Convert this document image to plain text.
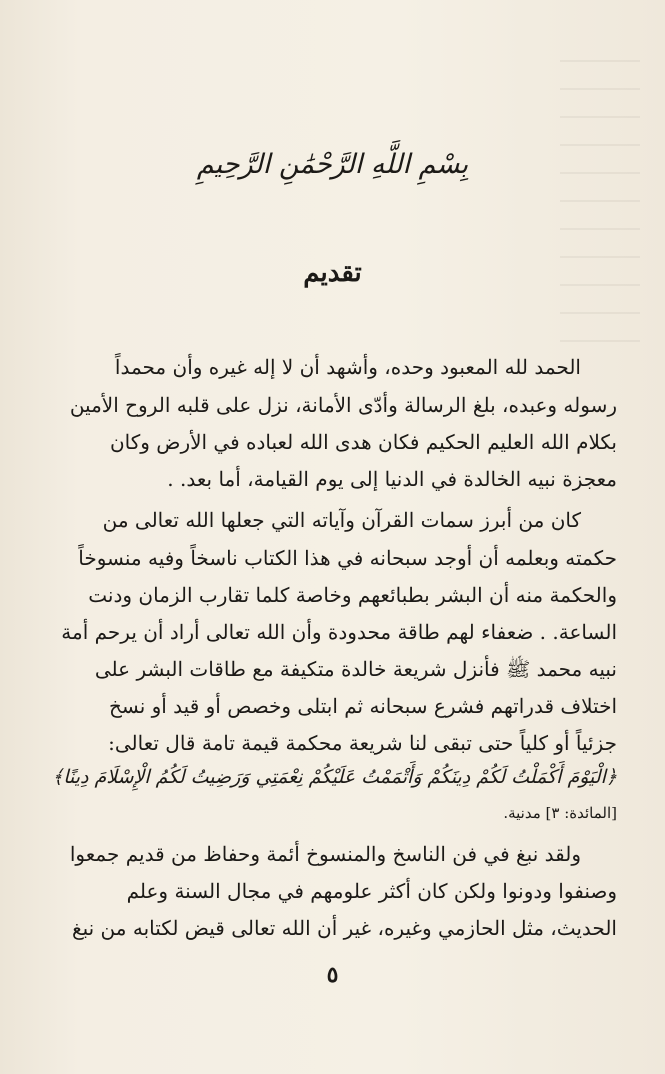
بِسْمِ اللَّهِ الرَّحْمَٰنِ الرَّحِيمِ
تقديم
الحمد لله المعبود وحده، وأشهد أن لا إله غيره وأن محمداً
رسوله وعبده، بلغ الرسالة وأدّى الأمانة، نزل على قلبه الروح الأمين
بكلام الله العليم الحكيم فكان هدى الله لعباده في الأرض وكان
معجزة نبيه الخالدة في الدنيا إلى يوم القيامة، أما بعد. .
كان من أبرز سمات القرآن وآياته التي جعلها الله تعالى من
حكمته وبعلمه أن أوجد سبحانه في هذا الكتاب ناسخاً وفيه منسوخاً
والحكمة منه أن البشر بطبائعهم وخاصة كلما تقارب الزمان ودنت
الساعة. . ضعفاء لهم طاقة محدودة وأن الله تعالى أراد أن يرحم أمة
نبيه محمد ﷺ فأنزل شريعة خالدة متكيفة مع طاقات البشر على
اختلاف قدراتهم فشرع سبحانه ثم ابتلى وخصص أو قيد أو نسخ
جزئياً أو كلياً حتى تبقى لنا شريعة محكمة قيمة تامة قال تعالى:
﴿الْيَوْمَ أَكْمَلْتُ لَكُمْ دِينَكُمْ وَأَتْمَمْتُ عَلَيْكُمْ نِعْمَتِي وَرَضِيتُ لَكُمُ الْإِسْلَامَ دِينًا﴾
[المائدة: ٣] مدنية.
ولقد نبغ في فن الناسخ والمنسوخ أئمة وحفاظ من قديم جمعوا
وصنفوا ودونوا ولكن كان أكثر علومهم في مجال السنة وعلم
الحديث، مثل الحازمي وغيره، غير أن الله تعالى قيض لكتابه من نبغ
٥
